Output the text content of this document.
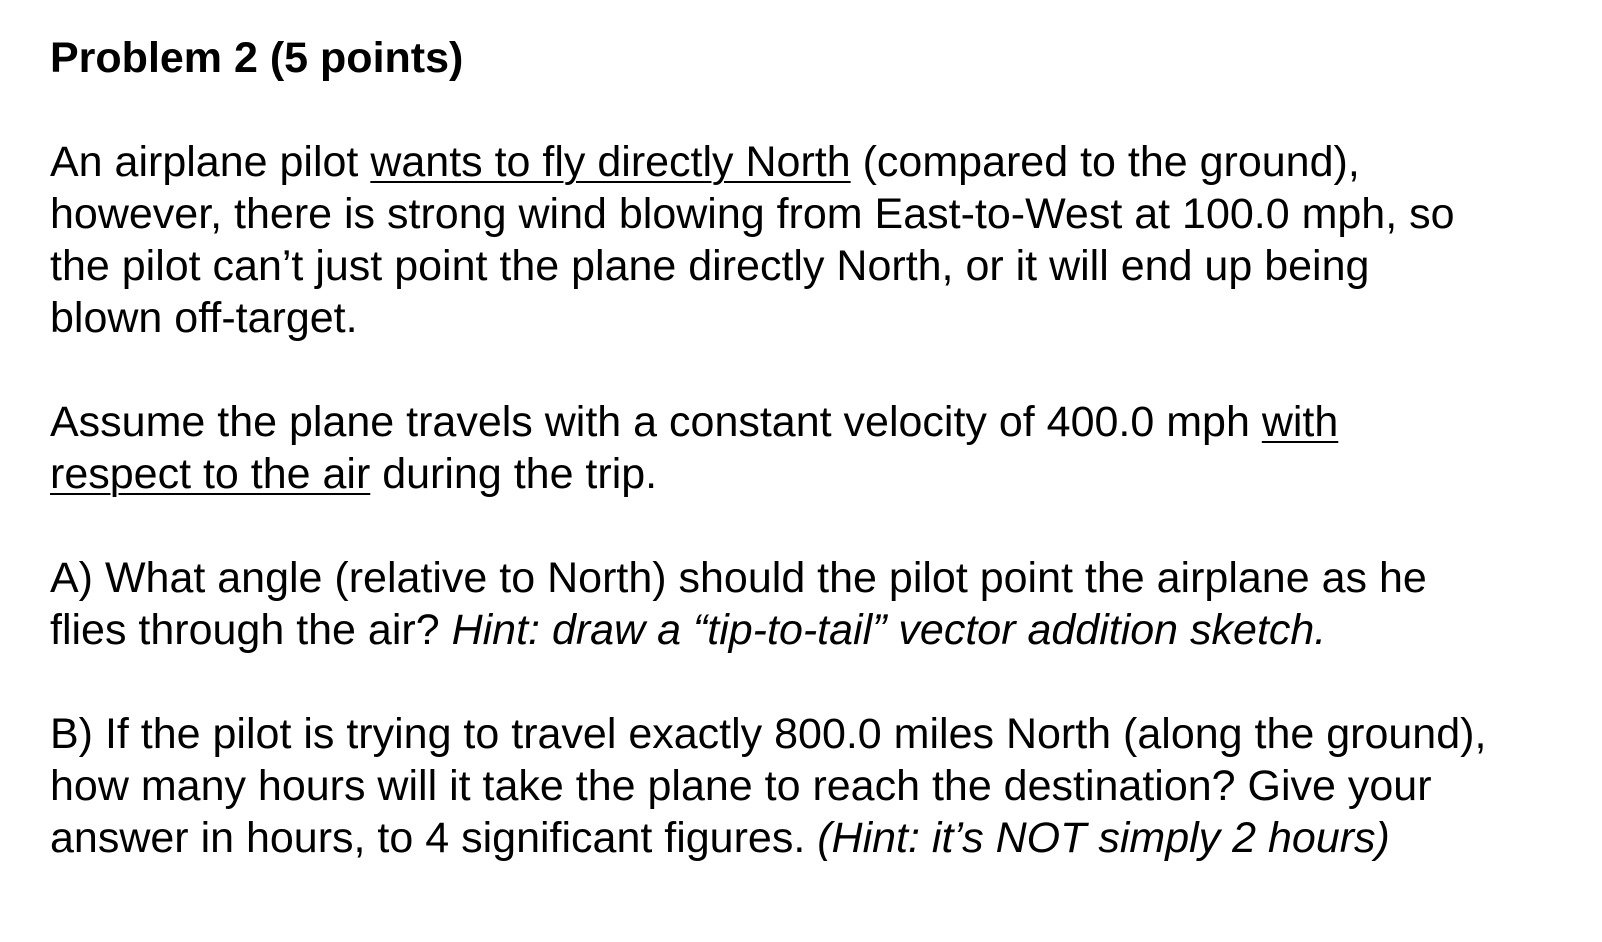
Problem 2 (5 points)
An airplane pilot wants to fly directly North (compared to the ground),
however, there is strong wind blowing from East-to-West at 100.0 mph, so
the pilot can’t just point the plane directly North, or it will end up being
blown off-target.
Assume the plane travels with a constant velocity of 400.0 mph with
respect to the air during the trip.
A) What angle (relative to North) should the pilot point the airplane as he
flies through the air? Hint: draw a “tip-to-tail” vector addition sketch.
B) If the pilot is trying to travel exactly 800.0 miles North (along the ground),
how many hours will it take the plane to reach the destination? Give your
answer in hours, to 4 significant figures. (Hint: it’s NOT simply 2 hours)
